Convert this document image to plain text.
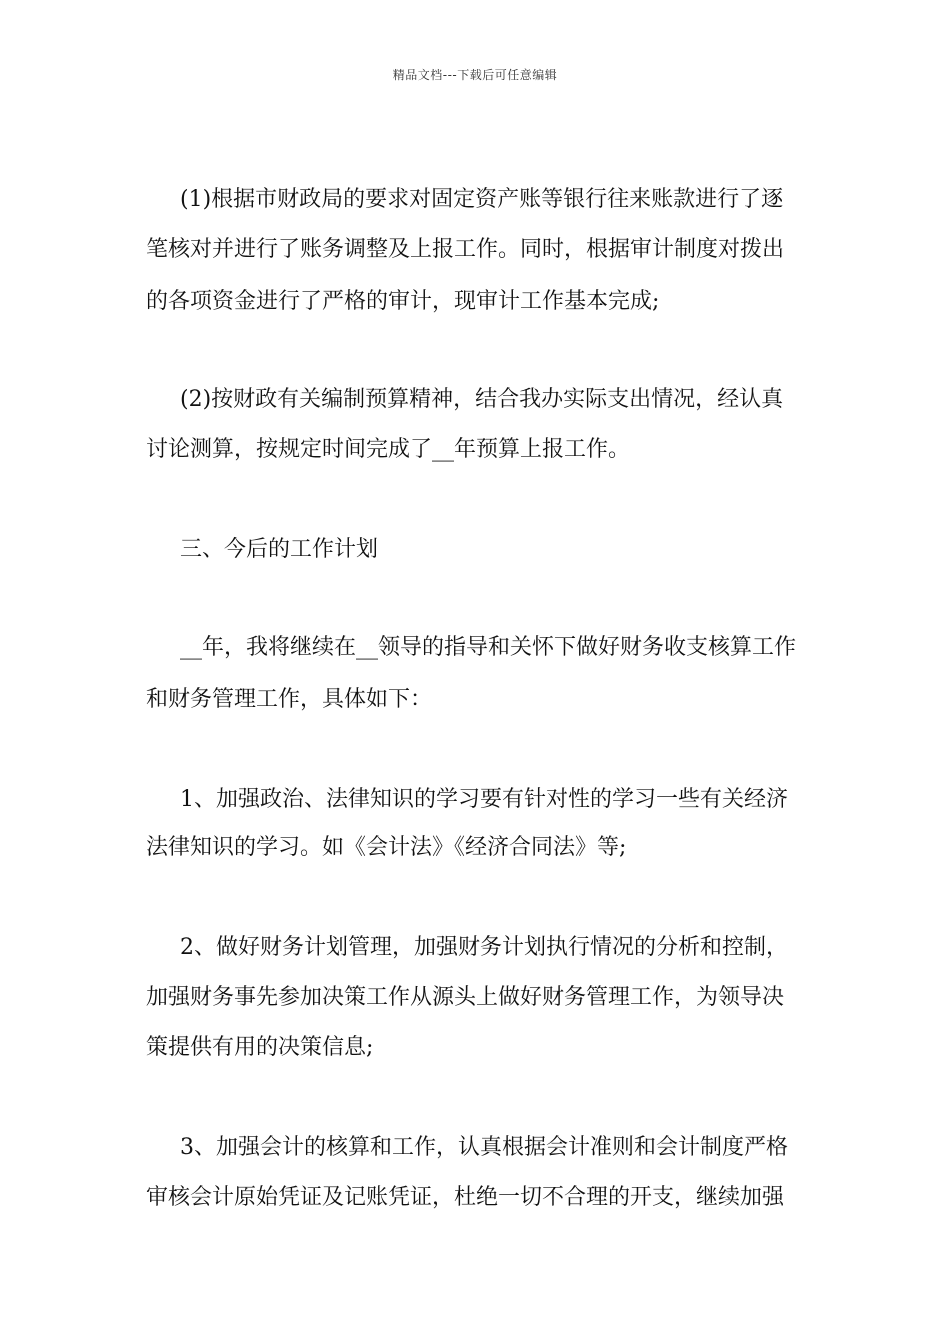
精品文档---下载后可任意编辑
(1)根据市财政局的要求对固定资产账等银行往来账款进行了逐
笔核对并进行了账务调整及上报工作。同时，根据审计制度对拨出
的各项资金进行了严格的审计，现审计工作基本完成;
(2)按财政有关编制预算精神，结合我办实际支出情况，经认真
讨论测算，按规定时间完成了__年预算上报工作。
三、今后的工作计划
__年，我将继续在__领导的指导和关怀下做好财务收支核算工作
和财务管理工作，具体如下：
1、加强政治、法律知识的学习要有针对性的学习一些有关经济
法律知识的学习。如《会计法》《经济合同法》等;
2、做好财务计划管理，加强财务计划执行情况的分析和控制，
加强财务事先参加决策工作从源头上做好财务管理工作，为领导决
策提供有用的决策信息;
3、加强会计的核算和工作，认真根据会计准则和会计制度严格
审核会计原始凭证及记账凭证，杜绝一切不合理的开支，继续加强
